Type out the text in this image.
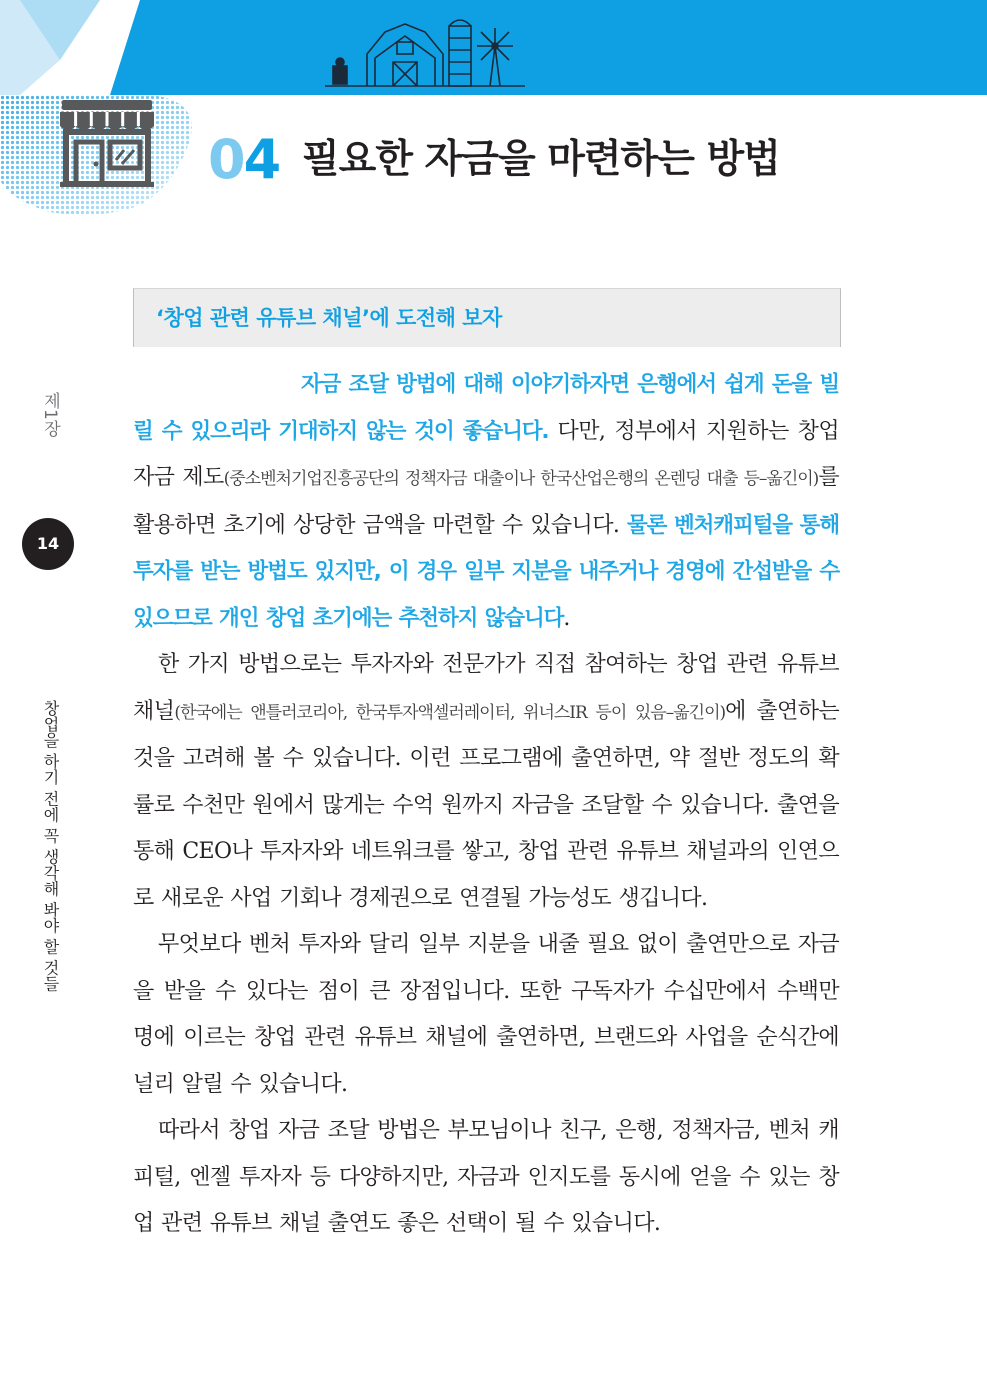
04 필요한 자금을 마련하는 방법
제1장
14
창업을 하기 전에 꼭 생각해 봐야 할 것들
‘창업 관련 유튜브 채널’에 도전해 보자

자금 조달 방법에 대해 이야기하자면 은행에서 쉽게 돈을 빌릴 수 있으리라 기대하지 않는 것이 좋습니다. 다만, 정부에서 지원하는 창업자금 제도(중소벤처기업진흥공단의 정책자금 대출이나 한국산업은행의 온렌딩 대출 등–옮긴이)를 활용하면 초기에 상당한 금액을 마련할 수 있습니다. 물론 벤처캐피털을 통해 투자를 받는 방법도 있지만, 이 경우 일부 지분을 내주거나 경영에 간섭받을 수 있으므로 개인 창업 초기에는 추천하지 않습니다.

한 가지 방법으로는 투자자와 전문가가 직접 참여하는 창업 관련 유튜브 채널(한국에는 앤틀러코리아, 한국투자액셀러레이터, 위너스IR 등이 있음–옮긴이)에 출연하는 것을 고려해 볼 수 있습니다. 이런 프로그램에 출연하면, 약 절반 정도의 확률로 수천만 원에서 많게는 수억 원까지 자금을 조달할 수 있습니다. 출연을 통해 CEO나 투자자와 네트워크를 쌓고, 창업 관련 유튜브 채널과의 인연으로 새로운 사업 기회나 경제권으로 연결될 가능성도 생깁니다.

무엇보다 벤처 투자와 달리 일부 지분을 내줄 필요 없이 출연만으로 자금을 받을 수 있다는 점이 큰 장점입니다. 또한 구독자가 수십만에서 수백만 명에 이르는 창업 관련 유튜브 채널에 출연하면, 브랜드와 사업을 순식간에 널리 알릴 수 있습니다.

따라서 창업 자금 조달 방법은 부모님이나 친구, 은행, 정책자금, 벤처 캐피털, 엔젤 투자자 등 다양하지만, 자금과 인지도를 동시에 얻을 수 있는 창업 관련 유튜브 채널 출연도 좋은 선택이 될 수 있습니다.
